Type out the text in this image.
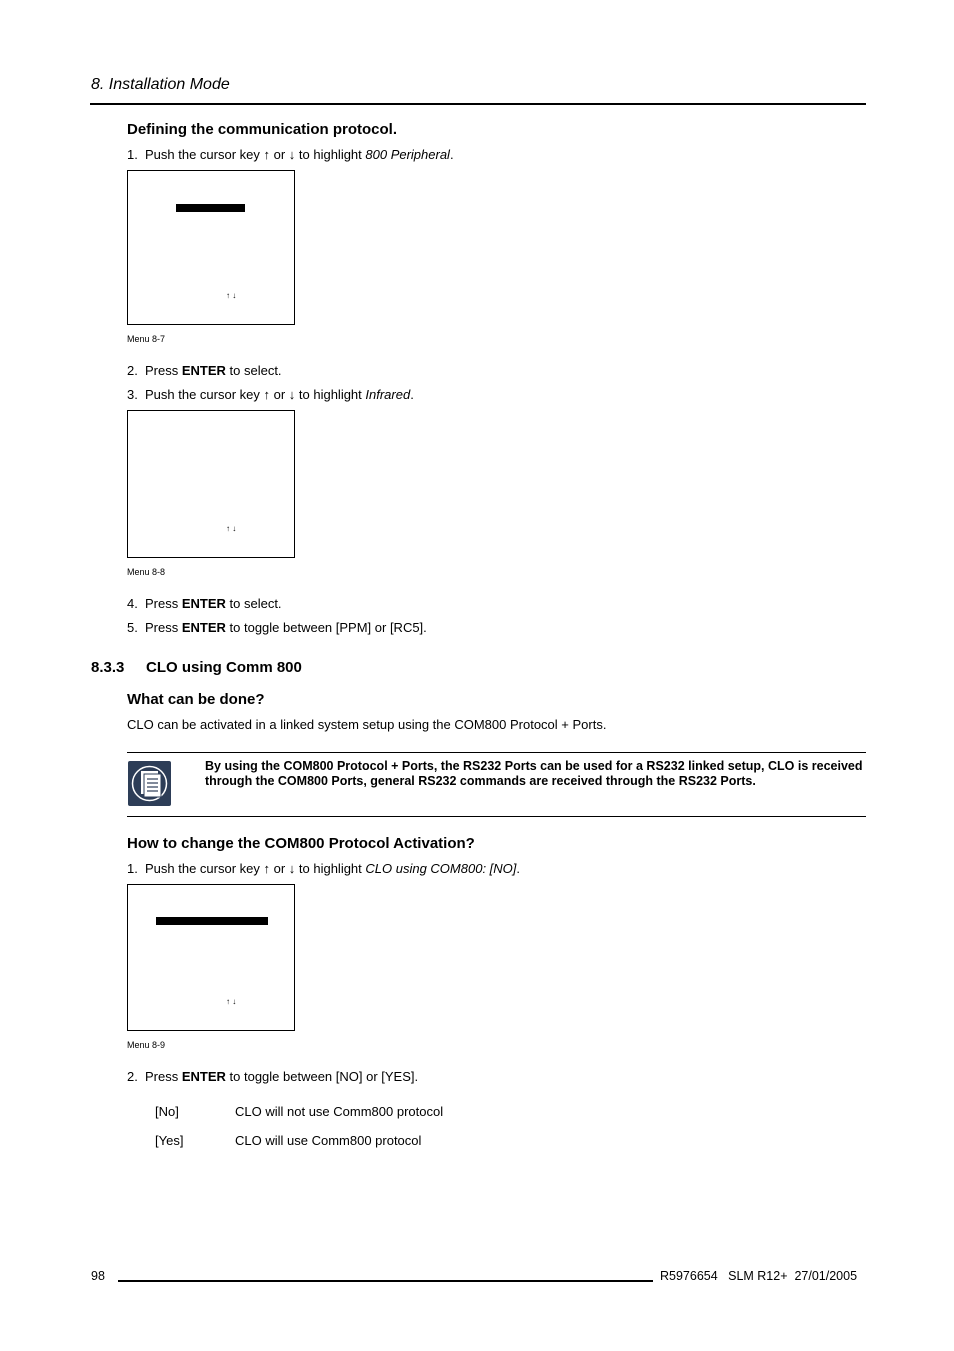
8. Installation Mode
Defining the communication protocol.
1. Push the cursor key ↑ or ↓ to highlight 800 Peripheral.
↑ ↓
Menu 8-7
2. Press ENTER to select.
3. Push the cursor key ↑ or ↓ to highlight Infrared.
↑ ↓
Menu 8-8
4. Press ENTER to select.
5. Press ENTER to toggle between [PPM] or [RC5].
8.3.3 CLO using Comm 800
What can be done?
CLO can be activated in a linked system setup using the COM800 Protocol + Ports.
By using the COM800 Protocol + Ports, the RS232 Ports can be used for a RS232 linked setup, CLO is received
through the COM800 Ports, general RS232 commands are received through the RS232 Ports.
How to change the COM800 Protocol Activation?
1. Push the cursor key ↑ or ↓ to highlight CLO using COM800: [NO].
↑ ↓
Menu 8-9
2. Press ENTER to toggle between [NO] or [YES].
[No]	CLO will not use Comm800 protocol
[Yes]	CLO will use Comm800 protocol
98	R5976654   SLM R12+  27/01/2005
